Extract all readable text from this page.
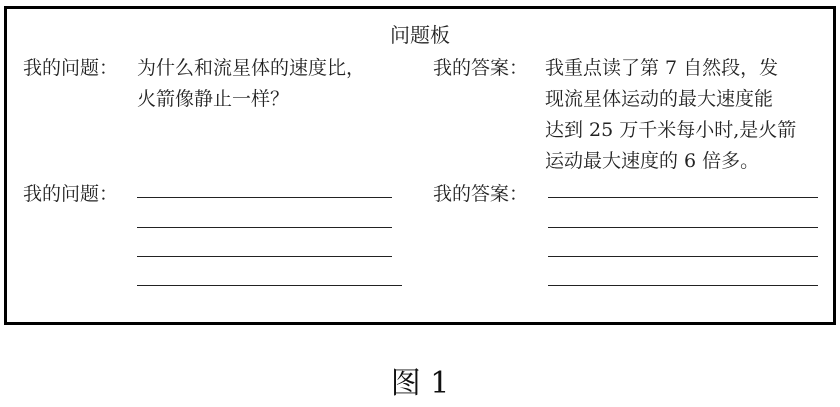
问题板
我的问题： 为什么和流星体的速度比，
火箭像静止一样？
我的答案： 我重点读了第 7 自然段，发
现流星体运动的最大速度能
达到 25 万千米每小时,是火箭
运动最大速度的 6 倍多。
我的问题：	我的答案：
图 1
